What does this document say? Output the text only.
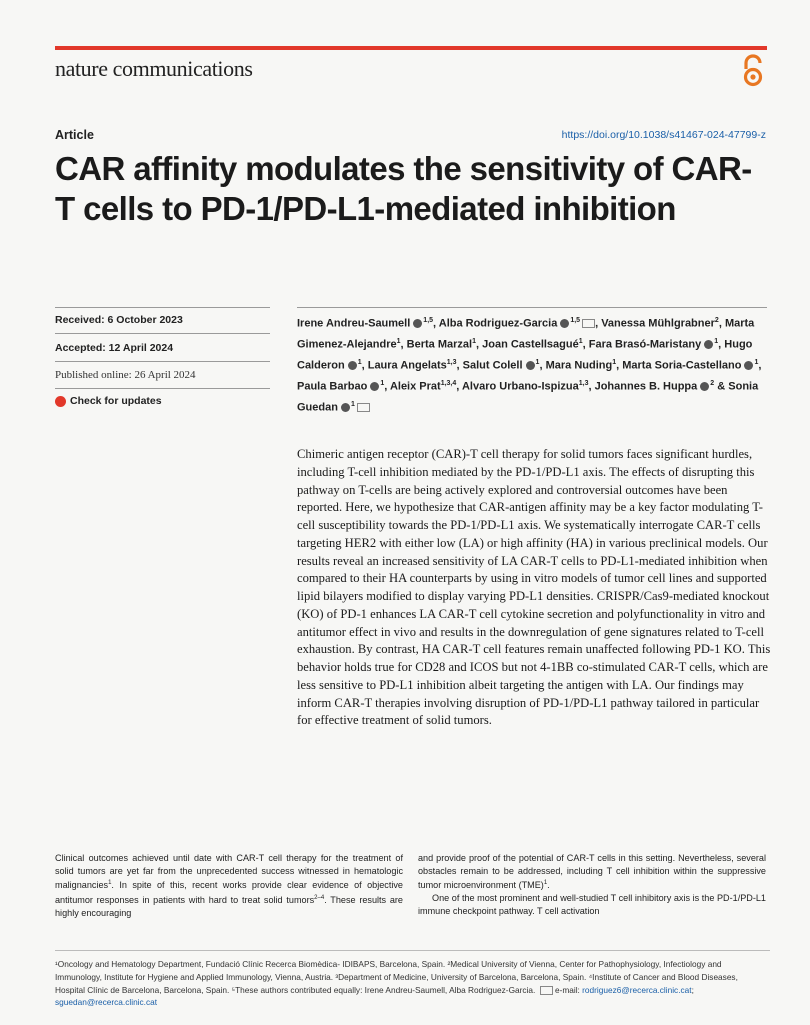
nature communications
Article	https://doi.org/10.1038/s41467-024-47799-z
CAR affinity modulates the sensitivity of CAR-T cells to PD-1/PD-L1-mediated inhibition
Received: 6 October 2023
Accepted: 12 April 2024
Published online: 26 April 2024
Check for updates
Irene Andreu-Saumell $^{1,5}$, Alba Rodriguez-Garcia $^{1,5}$ , Vanessa Mühlgrabner$^2$, Marta Gimenez-Alejandre$^1$, Berta Marzal$^1$, Joan Castellsagué$^1$, Fara Brasó-Maristany $^1$, Hugo Calderon $^1$, Laura Angelats$^{1,3}$, Salut Colell $^1$, Mara Nuding$^1$, Marta Soria-Castellano $^1$, Paula Barbao $^1$, Aleix Prat$^{1,3,4}$, Alvaro Urbano-Ispizua$^{1,3}$, Johannes B. Huppa $^2$ & Sonia Guedan $^1$

Chimeric antigen receptor (CAR)-T cell therapy for solid tumors faces significant hurdles, including T-cell inhibition mediated by the PD-1/PD-L1 axis. The effects of disrupting this pathway on T-cells are being actively explored and controversial outcomes have been reported. Here, we hypothesize that CAR-antigen affinity may be a key factor modulating T-cell susceptibility towards the PD-1/PD-L1 axis. We systematically interrogate CAR-T cells targeting HER2 with either low (LA) or high affinity (HA) in various preclinical models. Our results reveal an increased sensitivity of LA CAR-T cells to PD-L1-mediated inhibition when compared to their HA counterparts by using in vitro models of tumor cell lines and supported lipid bilayers modified to display varying PD-L1 densities. CRISPR/Cas9-mediated knockout (KO) of PD-1 enhances LA CAR-T cell cytokine secretion and polyfunctionality in vitro and antitumor effect in vivo and results in the downregulation of gene signatures related to T-cell exhaustion. By contrast, HA CAR-T cell features remain unaffected following PD-1 KO. This behavior holds true for CD28 and ICOS but not 4-1BB co-stimulated CAR-T cells, which are less sensitive to PD-L1 inhibition albeit targeting the antigen with LA. Our findings may inform CAR-T therapies involving disruption of PD-1/PD-L1 pathway tailored in particular for effective treatment of solid tumors.

Clinical outcomes achieved until date with CAR-T cell therapy for the treatment of solid tumors are yet far from the unprecedented success witnessed in hematologic malignancies$^1$. In spite of this, recent works provide clear evidence of objective antitumor responses in patients with hard to treat solid tumors$^{2-4}$. These results are highly encouraging

and provide proof of the potential of CAR-T cells in this setting. Nevertheless, several obstacles remain to be addressed, including T cell inhibition within the suppressive tumor microenvironment (TME)$^1$.

One of the most prominent and well-studied T cell inhibitory axis is the PD-1/PD-L1 immune checkpoint pathway. T cell activation

¹Oncology and Hematology Department, Fundació Clínic Recerca Biomèdica- IDIBAPS, Barcelona, Spain. ²Medical University of Vienna, Center for Pathophysiology, Infectiology and Immunology, Institute for Hygiene and Applied Immunology, Vienna, Austria. ³Department of Medicine, University of Barcelona, Barcelona, Spain. ⁴Institute of Cancer and Blood Diseases, Hospital Clínic de Barcelona, Barcelona, Spain. ⁵These authors contributed equally: Irene Andreu-Saumell, Alba Rodriguez-Garcia. e-mail: rodriguez6@recerca.clinic.cat; sguedan@recerca.clinic.cat
